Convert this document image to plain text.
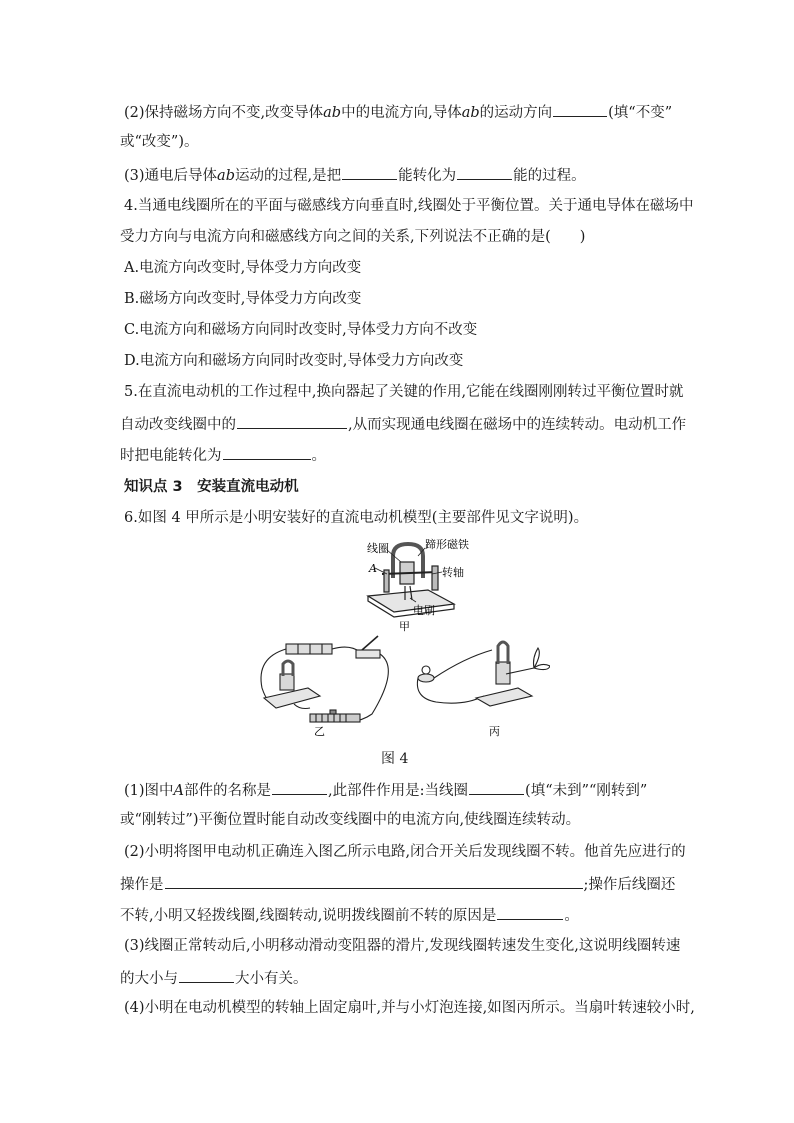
(2)保持磁场方向不变,改变导体ab中的电流方向,导体ab的运动方向	(填“不变”
或“改变”)。
(3)通电后导体ab运动的过程,是把	能转化为	能的过程。
4.当通电线圈所在的平面与磁感线方向垂直时,线圈处于平衡位置。关于通电导体在磁场中
受力方向与电流方向和磁感线方向之间的关系,下列说法不正确的是(　　)
A.电流方向改变时,导体受力方向改变
B.磁场方向改变时,导体受力方向改变
C.电流方向和磁场方向同时改变时,导体受力方向不改变
D.电流方向和磁场方向同时改变时,导体受力方向改变
5.在直流电动机的工作过程中,换向器起了关键的作用,它能在线圈刚刚转过平衡位置时就
自动改变线圈中的	,从而实现通电线圈在磁场中的连续转动。电动机工作
时把电能转化为	。
知识点 3　安装直流电动机
6.如图 4 甲所示是小明安装好的直流电动机模型(主要部件见文字说明)。
线圈	蹄形磁铁
A	转轴
电刷
甲
乙	丙
图 4
(1)图中A部件的名称是	,此部件作用是:当线圈	(填“未到”“刚转到”
或“刚转过”)平衡位置时能自动改变线圈中的电流方向,使线圈连续转动。
(2)小明将图甲电动机正确连入图乙所示电路,闭合开关后发现线圈不转。他首先应进行的
操作是	;操作后线圈还
不转,小明又轻拨线圈,线圈转动,说明拨线圈前不转的原因是	。
(3)线圈正常转动后,小明移动滑动变阻器的滑片,发现线圈转速发生变化,这说明线圈转速
的大小与	大小有关。
(4)小明在电动机模型的转轴上固定扇叶,并与小灯泡连接,如图丙所示。当扇叶转速较小时,
